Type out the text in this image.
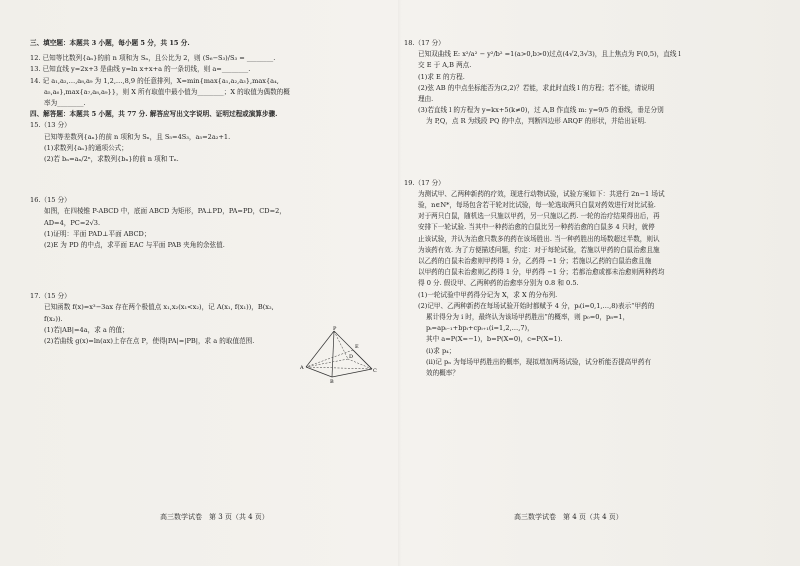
三、填空题：本题共 3 小题，每小题 5 分，共 15 分.

12. 已知等比数列{aₙ}的前 n 项和为 Sₙ，且公比为 2，则 (S₆−S₃)/S₃ = ________.

13. 已知直线 y=2x+3 是曲线 y=ln x+x+a 的一条切线，则 a=________.

14. 记 a₁,a₂,…,a₈,a₉ 为 1,2,…,8,9 的任意排列，X=min{max{a₁,a₂,a₃},max{a₄,

a₅,a₆},max{a₇,a₈,a₉}}，则 X 所有取值中最小值为________；X 的取值为偶数的概

率为________.

四、解答题：本题共 5 小题，共 77 分. 解答应写出文字说明、证明过程或演算步骤.

15.（13 分）

已知等差数列{aₙ}的前 n 项和为 Sₙ，且 S₅=4S₃，a₅=2a₂+1.

(1)求数列{aₙ}的通项公式；

(2)若 bₙ=aₙ/2ⁿ，求数列{bₙ}的前 n 项和 Tₙ.

16.（15 分）

如图，在四棱锥 P-ABCD 中，底面 ABCD 为矩形，PA⊥PD，PA=PD，CD=2，

AD=4，PC=2√3.

(1)证明：平面 PAD⊥平面 ABCD；

(2)E 为 PD 的中点，求平面 EAC 与平面 PAB 夹角的余弦值.

17.（15 分）

已知函数 f(x)=x³−3ax 存在两个极值点 x₁,x₂(x₁<x₂)，记 A(x₁, f(x₁))，B(x₂,

f(x₂)).

(1)若|AB|=4a，求 a 的值；

(2)若曲线 g(x)=ln(ax)上存在点 P，使得|PA|=|PB|，求 a 的取值范围.

18.（17 分）

已知双曲线 E: x²/a² − y²/b² =1(a>0,b>0)过点(4√2,3√3)，且上焦点为 F(0,5)，直线 l

交 E 于 A,B 两点.

(1)求 E 的方程.

(2)弦 AB 的中点坐标能否为(2,2)？若能，求此时直线 l 的方程；若不能，请说明

理由.

(3)若直线 l 的方程为 y=kx+5(k≠0)，过 A,B 作直线 m: y=9/5 的垂线，垂足分别

为 P,Q，点 R 为线段 PQ 的中点，判断四边形 ARQF 的形状，并给出证明.

19.（17 分）

为测试甲、乙两种新药的疗效，现进行动物试验，试验方案如下：共进行 2n−1 场试

验，n∈N*，每场包含若干轮对比试验，每一轮选取两只白鼠对药效进行对比试验.

对于两只白鼠，随机选一只施以甲药，另一只施以乙药. 一轮的治疗结果得出后，再

安排下一轮试验. 当其中一种药治愈的白鼠比另一种药治愈的白鼠多 4 只时，就停

止该试验，并认为治愈只数多的药在该场胜出. 当一种药胜出的场数超过半数，则认

为该药有效. 为了方便描述问题，约定：对于每轮试验，若施以甲药的白鼠治愈且施

以乙药的白鼠未治愈则甲药得 1 分，乙药得 −1 分；若施以乙药的白鼠治愈且施

以甲药的白鼠未治愈则乙药得 1 分，甲药得 −1 分；若都治愈或都未治愈则两种药均

得 0 分. 假设甲、乙两种药的治愈率分别为 0.8 和 0.5.

(1)一轮试验中甲药得分记为 X，求 X 的分布列.

(2)记甲、乙两种新药在每场试验开始时都赋予 4 分，pᵢ(i=0,1,…,8)表示“甲药的

累计得分为 i 时，最终认为该场甲药胜出”的概率，则 p₀=0，p₈=1，

pᵢ=apᵢ₋₁+bpᵢ+cpᵢ₊₁(i=1,2,…,7)，

其中 a=P(X=−1)，b=P(X=0)，c=P(X=1).

(ⅰ)求 p₄；

(ⅱ)记 pₙ 为每场甲药胜出的概率，现拟增加两场试验，试分析能否提高甲药有

效的概率？

P
E
A
B
C
D
高三数学试卷　第 3 页（共 4 页）	高三数学试卷　第 4 页（共 4 页）
